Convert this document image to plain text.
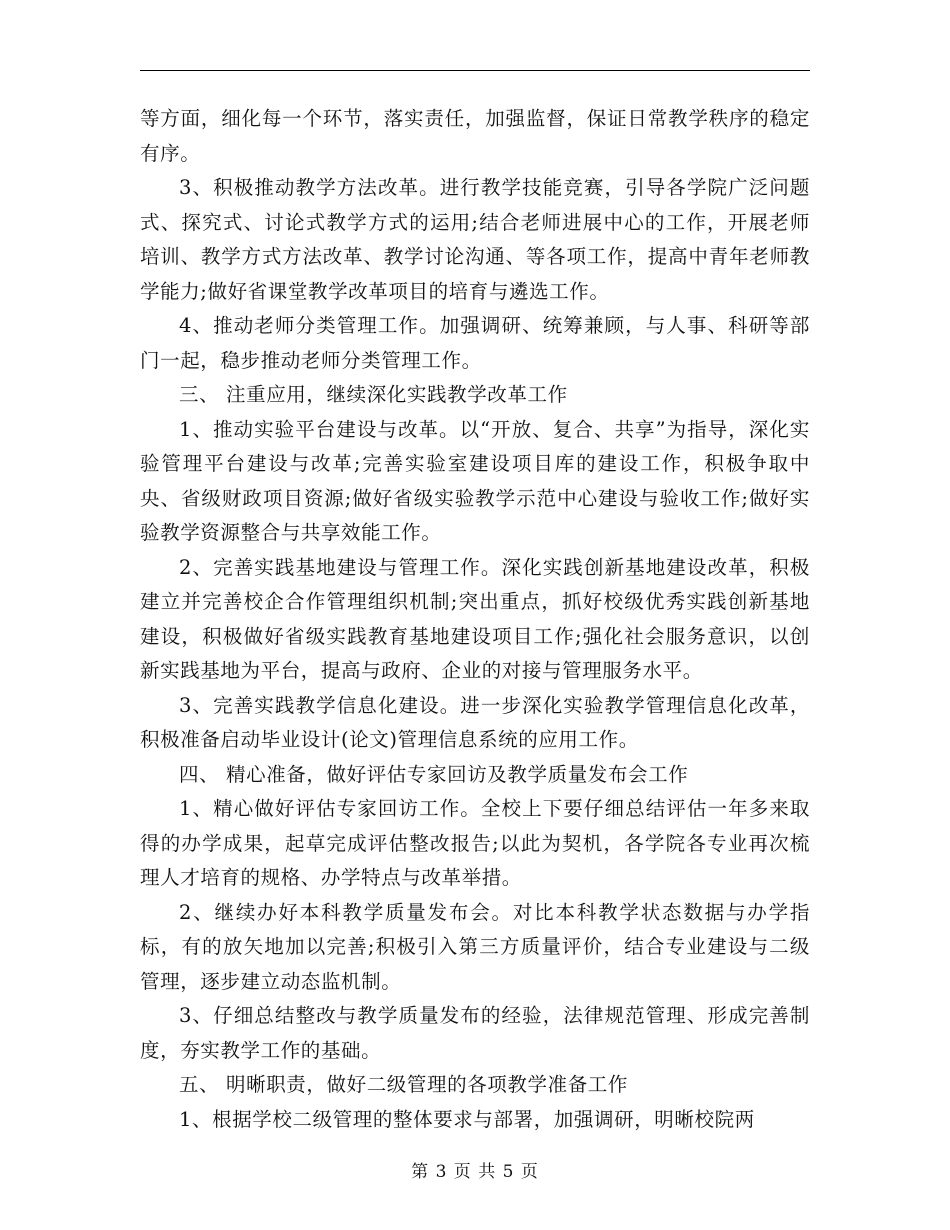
等方面，细化每一个环节，落实责任，加强监督，保证日常教学秩序的稳定有序。

3、积极推动教学方法改革。进行教学技能竞赛，引导各学院广泛问题式、探究式、讨论式教学方式的运用;结合老师进展中心的工作，开展老师培训、教学方式方法改革、教学讨论沟通、等各项工作，提高中青年老师教学能力;做好省课堂教学改革项目的培育与遴选工作。

4、推动老师分类管理工作。加强调研、统筹兼顾，与人事、科研等部门一起，稳步推动老师分类管理工作。

三、 注重应用，继续深化实践教学改革工作

1、推动实验平台建设与改革。以“开放、复合、共享”为指导，深化实验管理平台建设与改革;完善实验室建设项目库的建设工作，积极争取中央、省级财政项目资源;做好省级实验教学示范中心建设与验收工作;做好实验教学资源整合与共享效能工作。

2、完善实践基地建设与管理工作。深化实践创新基地建设改革，积极建立并完善校企合作管理组织机制;突出重点，抓好校级优秀实践创新基地建设，积极做好省级实践教育基地建设项目工作;强化社会服务意识，以创新实践基地为平台，提高与政府、企业的对接与管理服务水平。

3、完善实践教学信息化建设。进一步深化实验教学管理信息化改革，积极准备启动毕业设计(论文)管理信息系统的应用工作。

四、 精心准备，做好评估专家回访及教学质量发布会工作

1、精心做好评估专家回访工作。全校上下要仔细总结评估一年多来取得的办学成果，起草完成评估整改报告;以此为契机，各学院各专业再次梳理人才培育的规格、办学特点与改革举措。

2、继续办好本科教学质量发布会。对比本科教学状态数据与办学指标，有的放矢地加以完善;积极引入第三方质量评价，结合专业建设与二级管理，逐步建立动态监机制。

3、仔细总结整改与教学质量发布的经验，法律规范管理、形成完善制度，夯实教学工作的基础。

五、 明晰职责，做好二级管理的各项教学准备工作

1、根据学校二级管理的整体要求与部署，加强调研，明晰校院两

第 3 页 共 5 页
